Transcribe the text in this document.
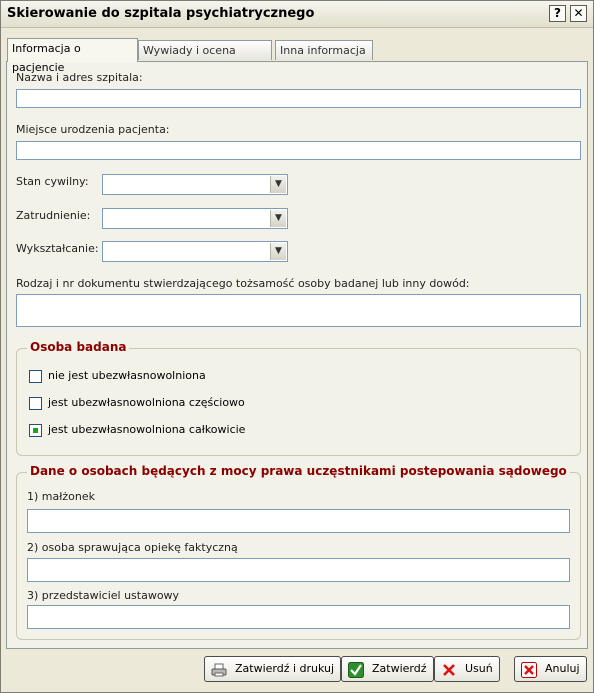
Skierowanie do szpitala psychiatrycznego	?	✕
Informacja o pacjencie
Wywiady i ocena	Inna informacja
Nazwa i adres szpitala:
Miejsce urodzenia pacjenta:
Stan cywilny:	▼
Zatrudnienie:	▼
Wykształcanie:	▼
Rodzaj i nr dokumentu stwierdzającego tożsamość osoby badanej lub inny dowód:
Osoba badana
nie jest ubezwłasnowolniona
jest ubezwłasnowolniona częściowo
jest ubezwłasnowolniona całkowicie
Dane o osobach będących z mocy prawa uczęstnikami postepowania sądowego
1) małżonek
2) osoba sprawująca opiekę faktyczną
3) przedstawiciel ustawowy
Zatwierdź i drukuj	Zatwierdź	Usuń	Anuluj
